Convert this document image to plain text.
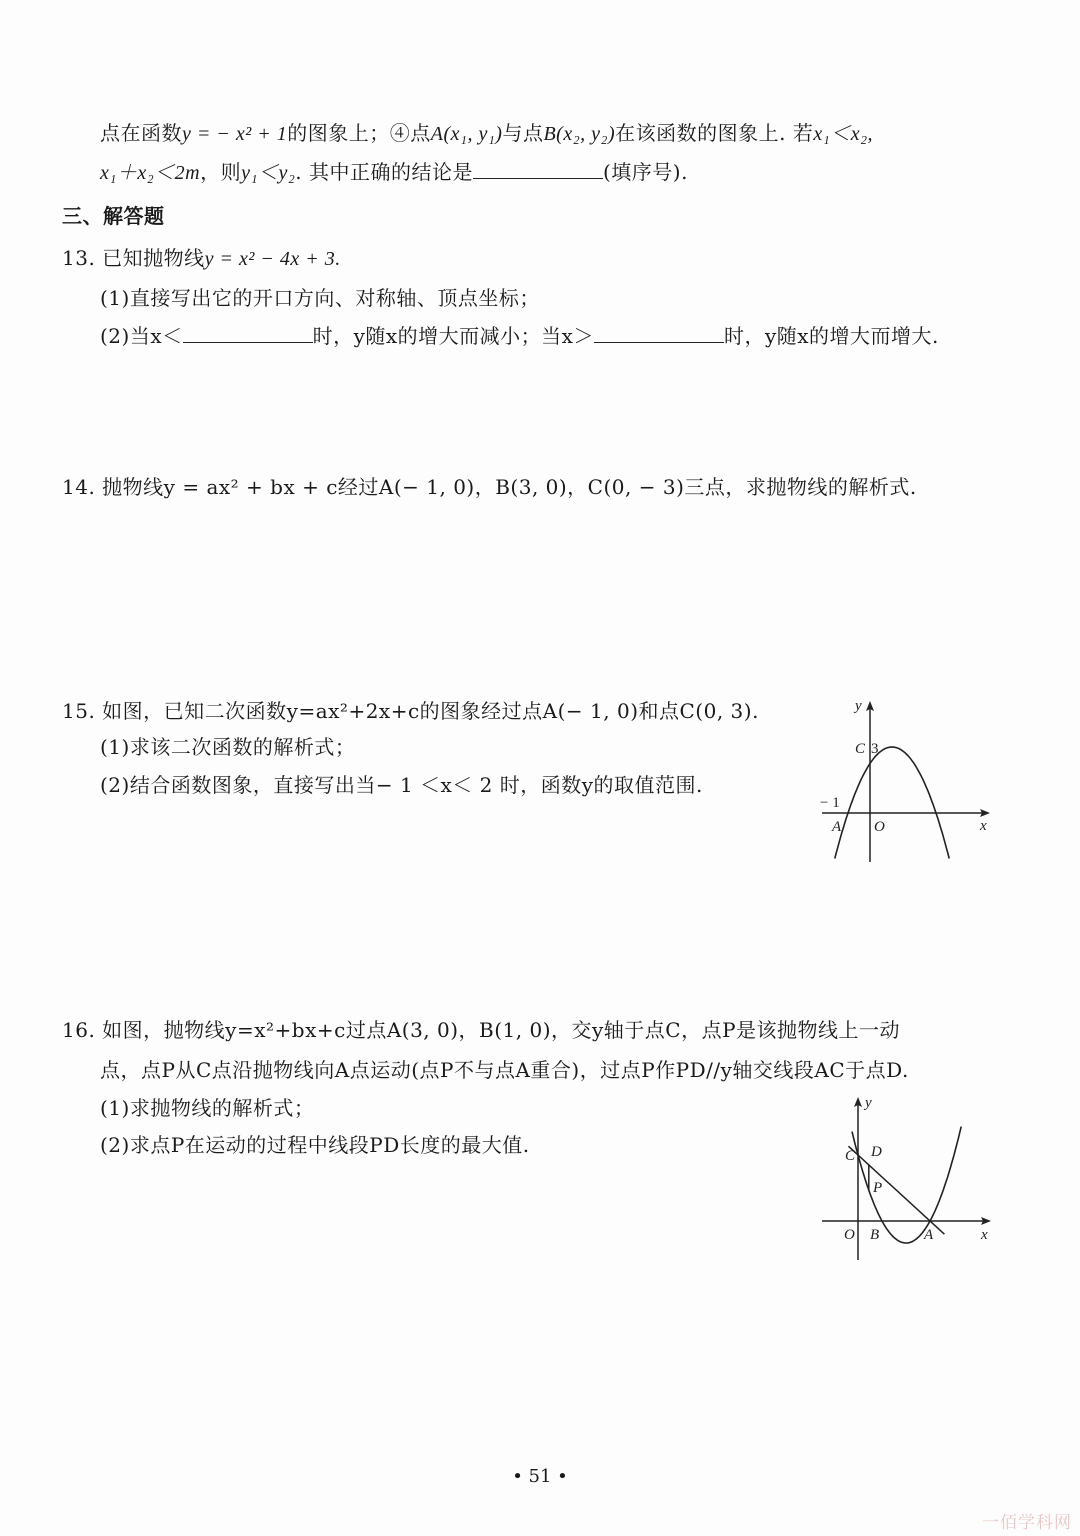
点在函数y = − x² + 1的图象上；④点A(x₁, y₁)与点B(x₂, y₂)在该函数的图象上. 若x₁＜x₂,
x₁＋x₂＜2m，则y₁＜y₂. 其中正确的结论是	(填序号).
三、解答题
13. 已知抛物线y = x² − 4x + 3.
(1)直接写出它的开口方向、对称轴、顶点坐标；
(2)当x＜	时，y随x的增大而减小；当x＞	时，y随x的增大而增大.
14. 抛物线y = ax² + bx + c经过A(− 1, 0)，B(3, 0)，C(0, − 3)三点，求抛物线的解析式.
15. 如图，已知二次函数y=ax²+2x+c的图象经过点A(− 1, 0)和点C(0, 3).
(1)求该二次函数的解析式；
(2)结合函数图象，直接写出当− 1 ＜x＜ 2 时，函数y的取值范围.
y
x
O
A
C 3
− 1
16. 如图，抛物线y=x²+bx+c过点A(3, 0)，B(1, 0)，交y轴于点C，点P是该抛物线上一动
点，点P从C点沿抛物线向A点运动(点P不与点A重合)，过点P作PD//y轴交线段AC于点D.
(1)求抛物线的解析式；
(2)求点P在运动的过程中线段PD长度的最大值.
y
x
O B	A
C D
P
• 51 •
一佰学科网
